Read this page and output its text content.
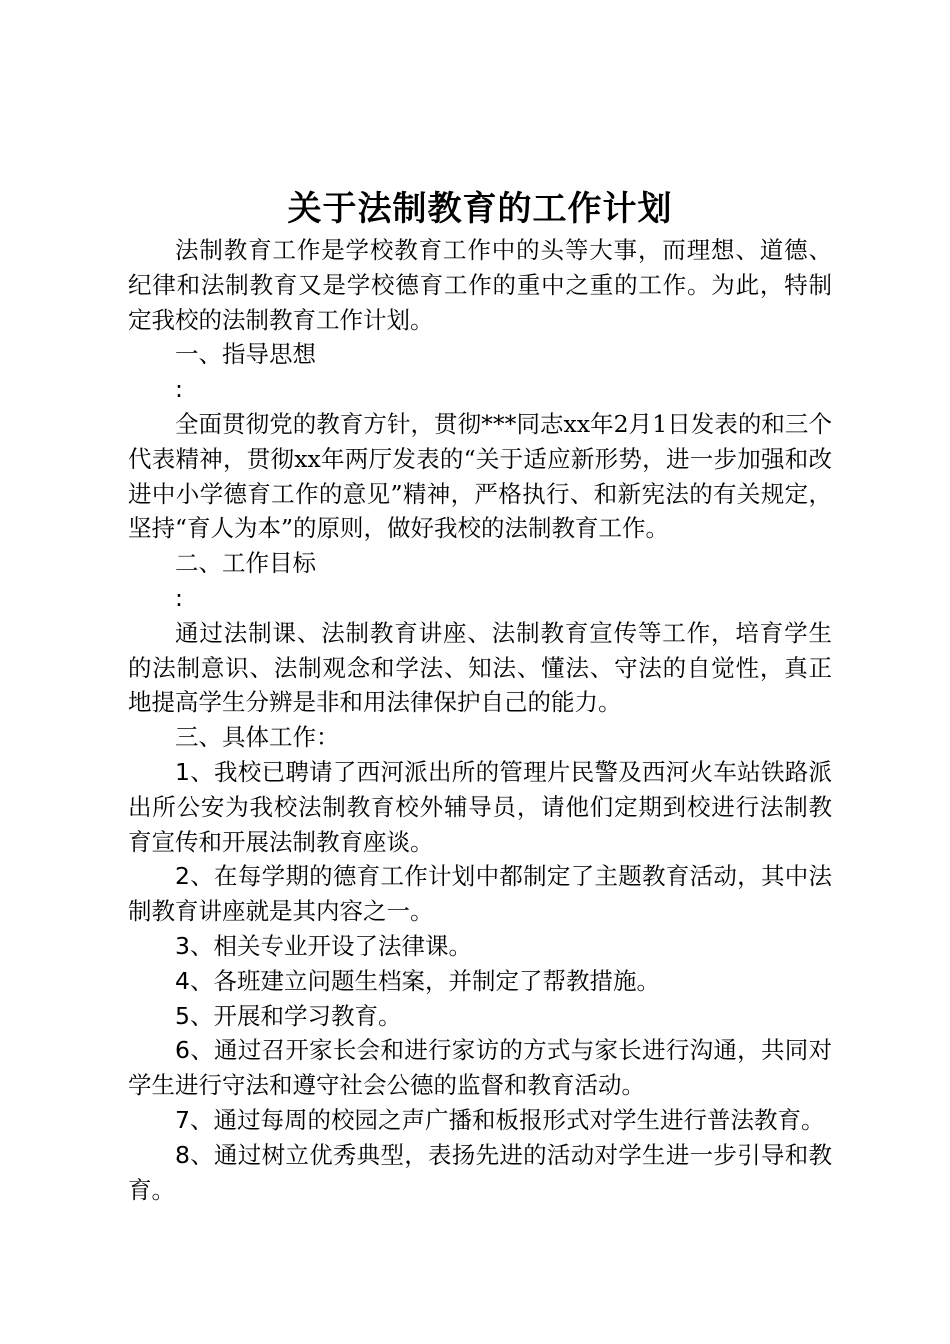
关于法制教育的工作计划

法制教育工作是学校教育工作中的头等大事，而理想、道德、纪律和法制教育又是学校德育工作的重中之重的工作。为此，特制定我校的法制教育工作计划。

一、指导思想

:

全面贯彻党的教育方针，贯彻***同志xx年2月1日发表的和三个代表精神，贯彻xx年两厅发表的“关于适应新形势，进一步加强和改进中小学德育工作的意见”精神，严格执行、和新宪法的有关规定，坚持“育人为本”的原则，做好我校的法制教育工作。

二、工作目标

:

通过法制课、法制教育讲座、法制教育宣传等工作，培育学生的法制意识、法制观念和学法、知法、懂法、守法的自觉性，真正地提高学生分辨是非和用法律保护自己的能力。

三、具体工作：

1、我校已聘请了西河派出所的管理片民警及西河火车站铁路派出所公安为我校法制教育校外辅导员，请他们定期到校进行法制教育宣传和开展法制教育座谈。

2、在每学期的德育工作计划中都制定了主题教育活动，其中法制教育讲座就是其内容之一。

3、相关专业开设了法律课。

4、各班建立问题生档案，并制定了帮教措施。

5、开展和学习教育。

6、通过召开家长会和进行家访的方式与家长进行沟通，共同对学生进行守法和遵守社会公德的监督和教育活动。

7、通过每周的校园之声广播和板报形式对学生进行普法教育。

8、通过树立优秀典型，表扬先进的活动对学生进一步引导和教育。
